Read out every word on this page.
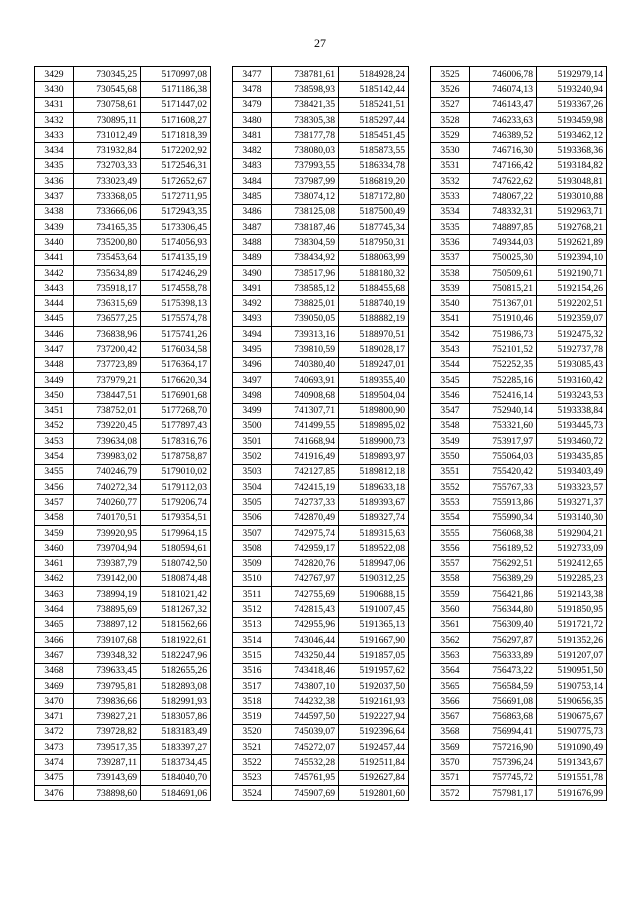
27
3429	730345,25	5170997,08
3430	730545,68	5171186,38
3431	730758,61	5171447,02
3432	730895,11	5171608,27
3433	731012,49	5171818,39
3434	731932,84	5172202,92
3435	732703,33	5172546,31
3436	733023,49	5172652,67
3437	733368,05	5172711,95
3438	733666,06	5172943,35
3439	734165,35	5173306,45
3440	735200,80	5174056,93
3441	735453,64	5174135,19
3442	735634,89	5174246,29
3443	735918,17	5174558,78
3444	736315,69	5175398,13
3445	736577,25	5175574,78
3446	736838,96	5175741,26
3447	737200,42	5176034,58
3448	737723,89	5176364,17
3449	737979,21	5176620,34
3450	738447,51	5176901,68
3451	738752,01	5177268,70
3452	739220,45	5177897,43
3453	739634,08	5178316,76
3454	739983,02	5178758,87
3455	740246,79	5179010,02
3456	740272,34	5179112,03
3457	740260,77	5179206,74
3458	740170,51	5179354,51
3459	739920,95	5179964,15
3460	739704,94	5180594,61
3461	739387,79	5180742,50
3462	739142,00	5180874,48
3463	738994,19	5181021,42
3464	738895,69	5181267,32
3465	738897,12	5181562,66
3466	739107,68	5181922,61
3467	739348,32	5182247,96
3468	739633,45	5182655,26
3469	739795,81	5182893,08
3470	739836,66	5182991,93
3471	739827,21	5183057,86
3472	739728,82	5183183,49
3473	739517,35	5183397,27
3474	739287,11	5183734,45
3475	739143,69	5184040,70
3476	738898,60	5184691,06
3477	738781,61	5184928,24
3478	738598,93	5185142,44
3479	738421,35	5185241,51
3480	738305,38	5185297,44
3481	738177,78	5185451,45
3482	738080,03	5185873,55
3483	737993,55	5186334,78
3484	737987,99	5186819,20
3485	738074,12	5187172,80
3486	738125,08	5187500,49
3487	738187,46	5187745,34
3488	738304,59	5187950,31
3489	738434,92	5188063,99
3490	738517,96	5188180,32
3491	738585,12	5188455,68
3492	738825,01	5188740,19
3493	739050,05	5188882,19
3494	739313,16	5188970,51
3495	739810,59	5189028,17
3496	740380,40	5189247,01
3497	740693,91	5189355,40
3498	740908,68	5189504,04
3499	741307,71	5189800,90
3500	741499,55	5189895,02
3501	741668,94	5189900,73
3502	741916,49	5189893,97
3503	742127,85	5189812,18
3504	742415,19	5189633,18
3505	742737,33	5189393,67
3506	742870,49	5189327,74
3507	742975,74	5189315,63
3508	742959,17	5189522,08
3509	742820,76	5189947,06
3510	742767,97	5190312,25
3511	742755,69	5190688,15
3512	742815,43	5191007,45
3513	742955,96	5191365,13
3514	743046,44	5191667,90
3515	743250,44	5191857,05
3516	743418,46	5191957,62
3517	743807,10	5192037,50
3518	744232,38	5192161,93
3519	744597,50	5192227,94
3520	745039,07	5192396,64
3521	745272,07	5192457,44
3522	745532,28	5192511,84
3523	745761,95	5192627,84
3524	745907,69	5192801,60
3525	746006,78	5192979,14
3526	746074,13	5193240,94
3527	746143,47	5193367,26
3528	746233,63	5193459,98
3529	746389,52	5193462,12
3530	746716,30	5193368,36
3531	747166,42	5193184,82
3532	747622,62	5193048,81
3533	748067,22	5193010,88
3534	748332,31	5192963,71
3535	748897,85	5192768,21
3536	749344,03	5192621,89
3537	750025,30	5192394,10
3538	750509,61	5192190,71
3539	750815,21	5192154,26
3540	751367,01	5192202,51
3541	751910,46	5192359,07
3542	751986,73	5192475,32
3543	752101,52	5192737,78
3544	752252,35	5193085,43
3545	752285,16	5193160,42
3546	752416,14	5193243,53
3547	752940,14	5193338,84
3548	753321,60	5193445,73
3549	753917,97	5193460,72
3550	755064,03	5193435,85
3551	755420,42	5193403,49
3552	755767,33	5193323,57
3553	755913,86	5193271,37
3554	755990,34	5193140,30
3555	756068,38	5192904,21
3556	756189,52	5192733,09
3557	756292,51	5192412,65
3558	756389,29	5192285,23
3559	756421,86	5192143,38
3560	756344,80	5191850,95
3561	756309,40	5191721,72
3562	756297,87	5191352,26
3563	756333,89	5191207,07
3564	756473,22	5190951,50
3565	756584,59	5190753,14
3566	756691,08	5190656,35
3567	756863,68	5190675,67
3568	756994,41	5190775,73
3569	757216,90	5191090,49
3570	757396,24	5191343,67
3571	757745,72	5191551,78
3572	757981,17	5191676,99
